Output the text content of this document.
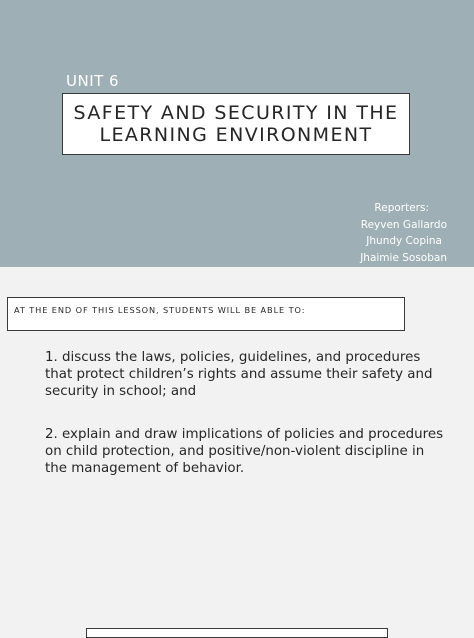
UNIT 6
SAFETY AND SECURITY IN THE
LEARNING ENVIRONMENT
Reporters:
Reyven Gallardo
Jhundy Copina
Jhaimie Sosoban
AT THE END OF THIS LESSON, STUDENTS WILL BE ABLE TO:

1. discuss the laws, policies, guidelines, and procedures that protect children’s rights and assume their safety and security in school; and

2. explain and draw implications of policies and procedures on child protection, and positive/non-violent discipline in the management of behavior.
